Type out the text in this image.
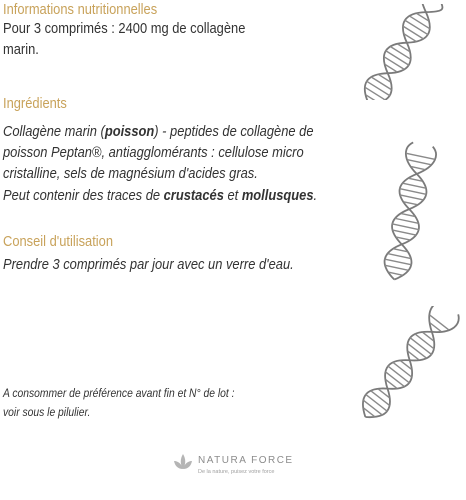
Informations nutritionnelles

Pour 3 comprimés : 2400 mg de collagène

marin.

Ingrédients

Collagène marin (poisson) - peptides de collagène de

poisson Peptan®, antiagglomérants : cellulose micro

cristalline, sels de magnésium d'acides gras.

Peut contenir des traces de crustacés et mollusques.

Conseil d'utilisation

Prendre 3 comprimés par jour avec un verre d'eau.

A consommer de préférence avant fin et N° de lot :

voir sous le pilulier.

NATURA FORCE

De la nature, puisez votre force
